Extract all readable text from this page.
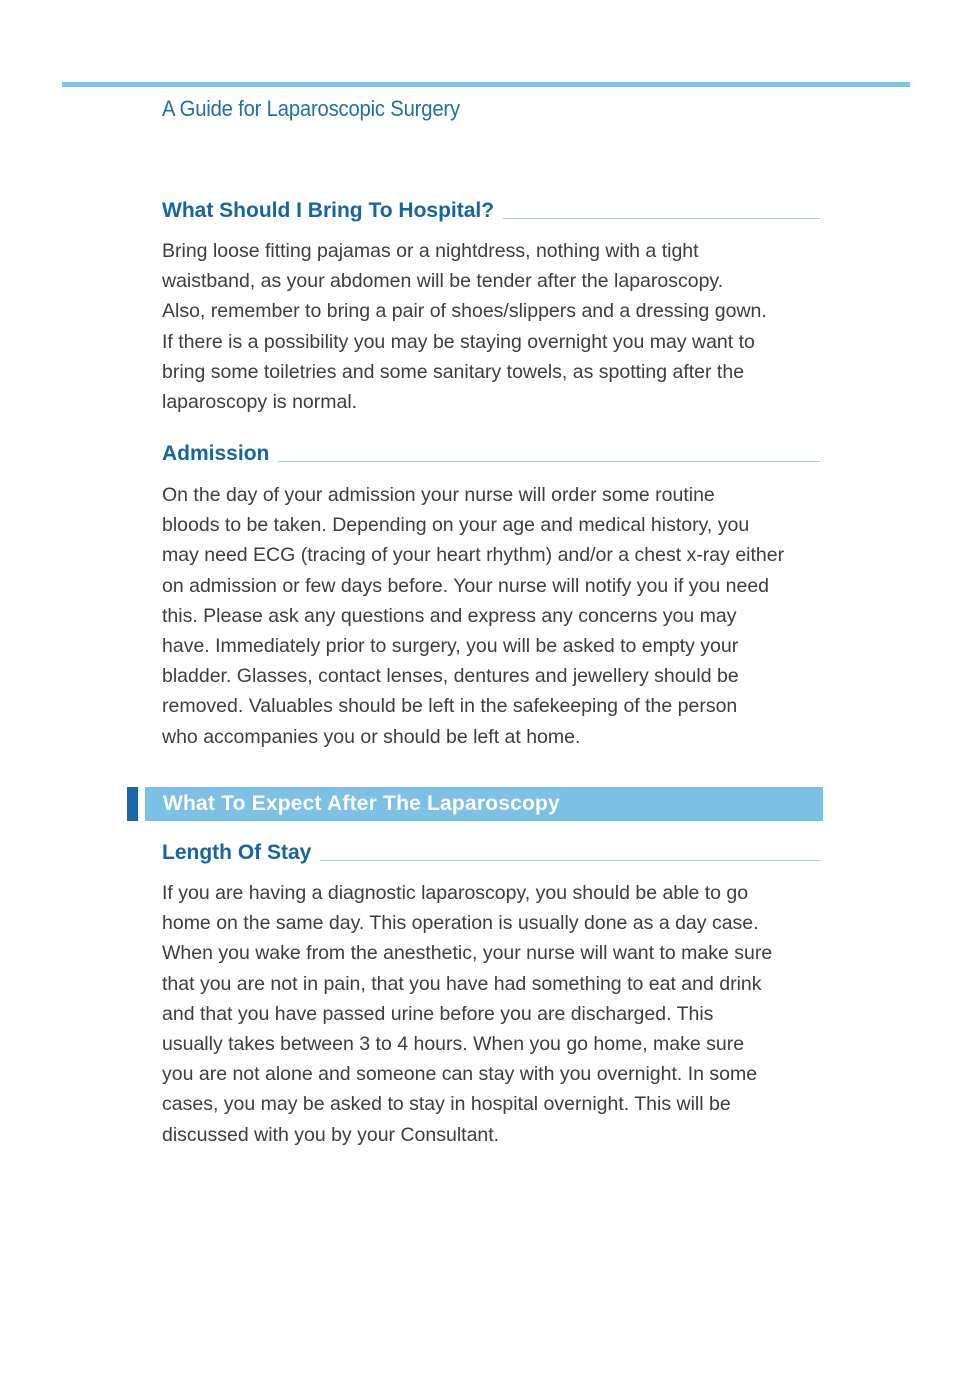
A Guide for Laparoscopic Surgery
What Should I Bring To Hospital?
Bring loose fitting pajamas or a nightdress, nothing with a tight
waistband, as your abdomen will be tender after the laparoscopy.
Also, remember to bring a pair of shoes/slippers and a dressing gown.
If there is a possibility you may be staying overnight you may want to
bring some toiletries and some sanitary towels, as spotting after the
laparoscopy is normal.
Admission
On the day of your admission your nurse will order some routine
bloods to be taken. Depending on your age and medical history, you
may need ECG (tracing of your heart rhythm) and/or a chest x-ray either
on admission or few days before. Your nurse will notify you if you need
this. Please ask any questions and express any concerns you may
have. Immediately prior to surgery, you will be asked to empty your
bladder. Glasses, contact lenses, dentures and jewellery should be
removed. Valuables should be left in the safekeeping of the person
who accompanies you or should be left at home.
What To Expect After The Laparoscopy
Length Of Stay
If you are having a diagnostic laparoscopy, you should be able to go
home on the same day. This operation is usually done as a day case.
When you wake from the anesthetic, your nurse will want to make sure
that you are not in pain, that you have had something to eat and drink
and that you have passed urine before you are discharged. This
usually takes between 3 to 4 hours. When you go home, make sure
you are not alone and someone can stay with you overnight. In some
cases, you may be asked to stay in hospital overnight. This will be
discussed with you by your Consultant.
